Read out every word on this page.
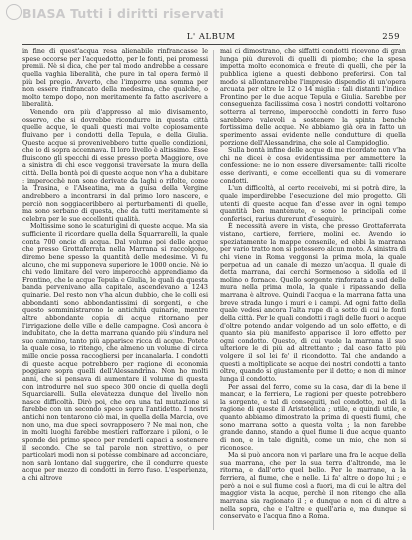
BIASA Tutti i diritti riservati
L' ALBUM	259

in fine di quest'acqua resa alienabile rinfrancasse le spese occorse per l'acquedotto, per le fonti, pei promessi premii. Nè si dica, che per tal modo andrebbe a cessare quella vaghia liberalità, che pure in tal opera fermò il più bel pregio. Avverto, che l'imporre una somma per non essere rinfrancato della medesima, che qualche, o molto tempo dopo, non meritamente fa fatto ascrivere a liberalità.

Venendo ora più d'appresso al mio divisamento, osservo, che si dovrebbe ricondurre in questa città quelle acque, le quali questi mai volte copiosamente fluivano per i condotti della Tepula, e della Giulia. Queste acque si provenivebbero tutte quelle condizioni, che io di sopra accennava. Il loro livello è altissimo. Esse fluiscono gli specchi di esse presso porta Maggiore, ove a sinistra di chi esce veggonsi traversate la mura della città. Della bontà poi di queste acque non v'ha a dubitare : imperocchè non sono derivate da laghi o rifolte, come la Trasina, e l'Alseatina, ma a guisa della Vergine andrebbero a incontrarsi in dal primo loro nascere, e perciò non soggiaceribbero ai perturbamenti di quelle, ma sono serbano di questa, che da tutti meritamente si celebra per le sue eccellenti qualità.

Moltissime sono le scaturigini di queste acque. Ma sia sufficiente il ricordare quella della Squarrarelli, la quale conta 700 oncie di acqua. Dal volume poi delle acque che presso Grottaferrata nella Marrana si raccolgono, diremo bene spesso la quantità delle medesime. Vi fu alcuno, che mi supponeva superiore le 1000 oncie. Nè io chi vedo limitare del vero imperocchè apprendiamo da Frontino, che le acque Tepula e Giulia, le quali da questa banda pervenivano alla capitale, ascendevano a 1243 quinarie. Del resto non v'ha alcun dubbio, che le colli esi abbondanti sono abbondantissimi di sorgenti, e che questo somministrarono le antichità quinarie, mentre altre abbondante copia di acque ritornano per l'irrigazione delle ville e delle campagne. Così ancora è indubitato, che la detta marrana quando più s'indura nel suo cammino, tanto più apparisce ricca di acque. Potete la quale cosa, io ritengo, che almeno un volume di circa mille oncie possa raccogliersi per incanalarla. I condotti di queste acque potrebbero per ragione di economia poggiare sopra quelli dell'Alessandrina. Non ho molti anni, che si pensava di aumentare il volume di questa con introdurre nel suo speco 300 oncie di quella degli Squarciarelli. Sulla elevatezza dunque del livello non nasce difficoltà. Dirò poi, che ora una tal mutazione si farebbe con un secondo speco sopra l'antidetto. I nostri antichi non tentarono ciò mai, in quella della Marcia, ove non uno, ma due speci sovrapposero ? Ne mai non, che in molti luoghi farebbe mestieri rafforzare i piloni, o le sponde dei primo speco per renderli capaci a sostenere il secondo. Che se tal parole non strettivo, o per particolari modi non si potesse combinare ad acconciare, non sarà lontano dal suggerire, che il condurre queste acque per mezzo di condotti in ferro fuso. L'esperienza, a chi altrove

mai ci dimostrano, che siffatti condotti ricevono di gran lunga più durevoli di quelli di piombo; che la spesa impetta molto economica e freute di quelli, che per la pubblica igiene a questi debbono preferirsi. Con tal modo si allontanerebbe l'impresio dispendio di un'opera arcuata per oltre le 12 o 14 miglia : tali distanti l'indice Frontino per le due acque Tepula e Giulia. Sarebbe per conseguenza facilissima cosa i nostri condotti voltarono sotterra al terreno, imperocchè condotti in ferro fuso sarebbero valevoli a sostenere la spinta benchè fortissima delle acque. Ne abbiamo già ora in fatto un sperimento assai evidente nelle condutture di quella porzione dell'Alessandrina, che sole al Campidoglio.

Sulla bontà infine delle acque di me ricordate non v'ha chi ne dicei è cosa evidentissima per ammettere la confessione: ne io non essere diversamente: talli ricolte esse derivanti, e come eccellenti qua su di vomerare condotti.

L'un difficoltà, al certo receivebi, mi si potrà dire, la quale imperdirebbe l'esecuzione del mio progetto. Gli utenti di queste acque fan d'esse aver in ogni tempo quantità ben mantenute, e sono le principali come conferisci, rarius durerunt d'eseguirè.

È necessità avere in vista, che presso Grottaferrata vistano, cartiere, ferriere, molini ec. Avendo io speziatamente la mappe consenile, ed ebbi la marrana per vario tratto non si potessero alcun moto. A sinistra di chi viene in Roma veggonsi la prima mola, la quale perpetua ad un canale di mezzo un'acqua. Il quale di detta marrana, dai cerchi Sormenoso a sidolla ed il molino o fornace. Quello sorgente rinforzata a sud delle mura nella prima mola, la quale i ripassando della marrana è altrove. Quindi l'acqua e la marrana fatta una breve strada lungo i muri e i campi. Ad ogni fatto della quale vedesi ancora l'alta rupe di a sotto di cui le fonti della città. Per le quali condotti i ragli delle fuori o acque d'oltre potendo andar volgendo ad un solo effetto, e di quanto sia più manifesto apparisce il loro effetto per ogni condotto. Questo, di cui vuole la marrana il suo ulteriore le di più ad altrettanto ; dal caso fatto più volgere il sol lei fe' il ricondotto. Tal che andando a questi a moltiplicate se acque dei nostri condotti a tanto oltre, quando si giustamente per il detto; e non di minor lunga il condotto.

Per assai del ferro, come su la casa, dar di la bene il mancar, e la ferriera, Le ragioni per queste potrebbero la sorgente, e tal di conseguiti, nel condotto, nel di la ragione di queste il Aristotelica ; utile, e quindi utile, e quanto abbiamo dimostrato la prima di questi fiumi, che sono marrana sotto a questa volta ; la non farebbe grande danno, stando a quel fiume li due acque quanto di non, e in tale dignità, come un mio, che non si riconosce.

Ma si può ancora non vi parlare una fra le acque della sua marrana, che per la sua terra d'altronde, ma le ritorna, e dall'orto quel bello. Per le marrane, a la ferriera, al fiume, che e nelle. Li fa' altre o dopo lui ; e però a noi e sul fiume così a fuori, ma di cui le altra del maggior vista la acque, perchè il non ritengo che alla marrana sia ragionato il ; e dunque e non ci di altre a nella sopra, che e l'altre e quell'aria e, ma dunque si conservato e l'acqua fino a Roma.
